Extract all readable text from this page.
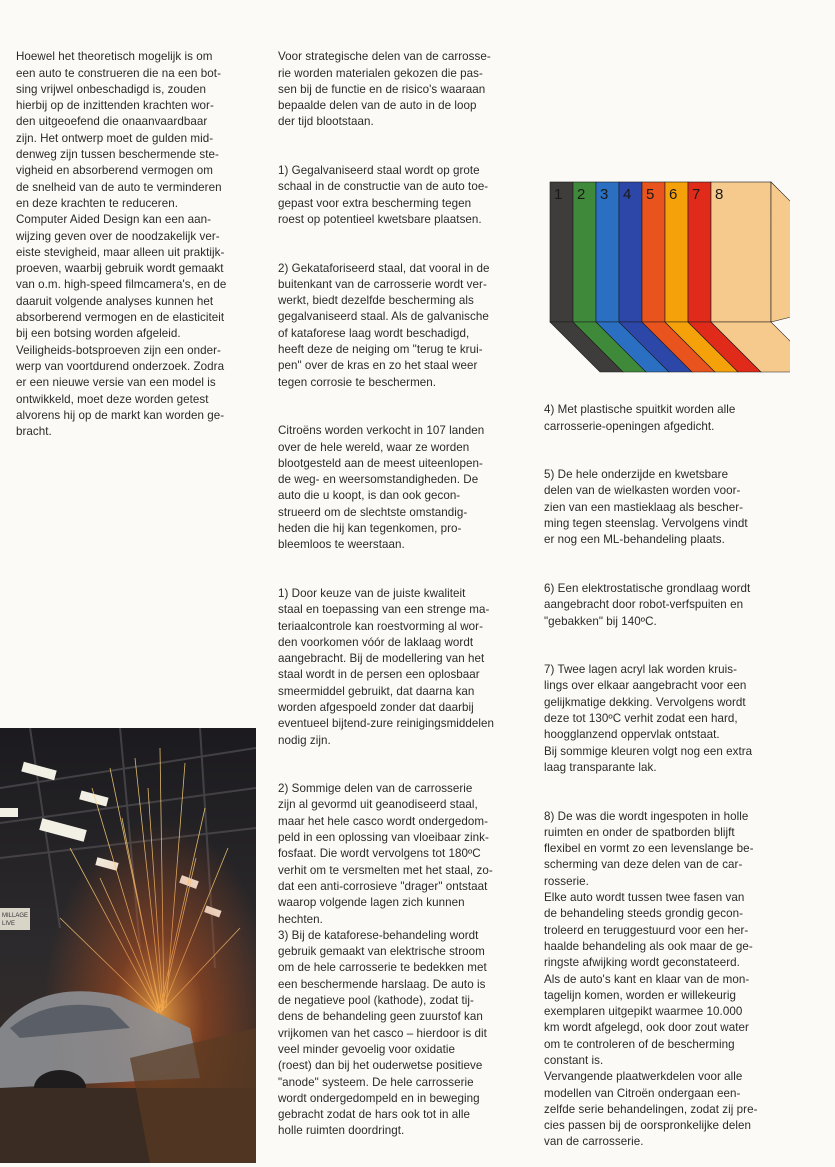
Hoewel het theoretisch mogelijk is om
een auto te construeren die na een bot-
sing vrijwel onbeschadigd is, zouden
hierbij op de inzittenden krachten wor-
den uitgeoefend die onaanvaardbaar
zijn. Het ontwerp moet de gulden mid-
denweg zijn tussen beschermende ste-
vigheid en absorberend vermogen om
de snelheid van de auto te verminderen
en deze krachten te reduceren.
Computer Aided Design kan een aan-
wijzing geven over de noodzakelijk ver-
eiste stevigheid, maar alleen uit praktijk-
proeven, waarbij gebruik wordt gemaakt
van o.m. high-speed filmcamera's, en de
daaruit volgende analyses kunnen het
absorberend vermogen en de elasticiteit
bij een botsing worden afgeleid.
Veiligheids-botsproeven zijn een onder-
werp van voortdurend onderzoek. Zodra
er een nieuwe versie van een model is
ontwikkeld, moet deze worden getest
alvorens hij op de markt kan worden ge-
bracht.

Voor strategische delen van de carrosse-
rie worden materialen gekozen die pas-
sen bij de functie en de risico's waaraan
bepaalde delen van de auto in de loop
der tijd blootstaan.

1) Gegalvaniseerd staal wordt op grote
schaal in de constructie van de auto toe-
gepast voor extra bescherming tegen
roest op potentieel kwetsbare plaatsen.

2) Gekataforiseerd staal, dat vooral in de
buitenkant van de carrosserie wordt ver-
werkt, biedt dezelfde bescherming als
gegalvaniseerd staal. Als de galvanische
of kataforese laag wordt beschadigd,
heeft deze de neiging om "terug te krui-
pen" over de kras en zo het staal weer
tegen corrosie te beschermen.

Citroëns worden verkocht in 107 landen
over de hele wereld, waar ze worden
blootgesteld aan de meest uiteenlopen-
de weg- en weersomstandigheden. De
auto die u koopt, is dan ook gecon-
strueerd om de slechtste omstandig-
heden die hij kan tegenkomen, pro-
bleemloos te weerstaan.

1) Door keuze van de juiste kwaliteit
staal en toepassing van een strenge ma-
teriaalcontrole kan roestvorming al wor-
den voorkomen vóór de laklaag wordt
aangebracht. Bij de modellering van het
staal wordt in de persen een oplosbaar
smeermiddel gebruikt, dat daarna kan
worden afgespoeld zonder dat daarbij
eventueel bijtend-zure reinigingsmiddelen
nodig zijn.

2) Sommige delen van de carrosserie
zijn al gevormd uit geanodiseerd staal,
maar het hele casco wordt ondergedom-
peld in een oplossing van vloeibaar zink-
fosfaat. Die wordt vervolgens tot 180ºC
verhit om te versmelten met het staal, zo-
dat een anti-corrosieve "drager" ontstaat
waarop volgende lagen zich kunnen
hechten.
3) Bij de kataforese-behandeling wordt
gebruik gemaakt van elektrische stroom
om de hele carrosserie te bedekken met
een beschermende harslaag. De auto is
de negatieve pool (kathode), zodat tij-
dens de behandeling geen zuurstof kan
vrijkomen van het casco – hierdoor is dit
veel minder gevoelig voor oxidatie
(roest) dan bij het ouderwetse positieve
"anode" systeem. De hele carrosserie
wordt ondergedompeld en in beweging
gebracht zodat de hars ook tot in alle
holle ruimten doordringt.

4) Met plastische spuitkit worden alle
carrosserie-openingen afgedicht.

5) De hele onderzijde en kwetsbare
delen van de wielkasten worden voor-
zien van een mastieklaag als bescher-
ming tegen steenslag. Vervolgens vindt
er nog een ML-behandeling plaats.

6) Een elektrostatische grondlaag wordt
aangebracht door robot-verfspuiten en
"gebakken" bij 140ºC.

7) Twee lagen acryl lak worden kruis-
lings over elkaar aangebracht voor een
gelijkmatige dekking. Vervolgens wordt
deze tot 130ºC verhit zodat een hard,
hoogglanzend oppervlak ontstaat.
Bij sommige kleuren volgt nog een extra
laag transparante lak.

8) De was die wordt ingespoten in holle
ruimten en onder de spatborden blijft
flexibel en vormt zo een levenslange be-
scherming van deze delen van de car-
rosserie.
Elke auto wordt tussen twee fasen van
de behandeling steeds grondig gecon-
troleerd en teruggestuurd voor een her-
haalde behandeling als ook maar de ge-
ringste afwijking wordt geconstateerd.
Als de auto's kant en klaar van de mon-
tagelijn komen, worden er willekeurig
exemplaren uitgepikt waarmee 10.000
km wordt afgelegd, ook door zout water
om te controleren of de bescherming
constant is.
Vervangende plaatwerkdelen voor alle
modellen van Citroën ondergaan een-
zelfde serie behandelingen, zodat zij pre-
cies passen bij de oorspronkelijke delen
van de carrosserie.

1 2 3 4 5 6 7 8
MILLAGE LIVE
